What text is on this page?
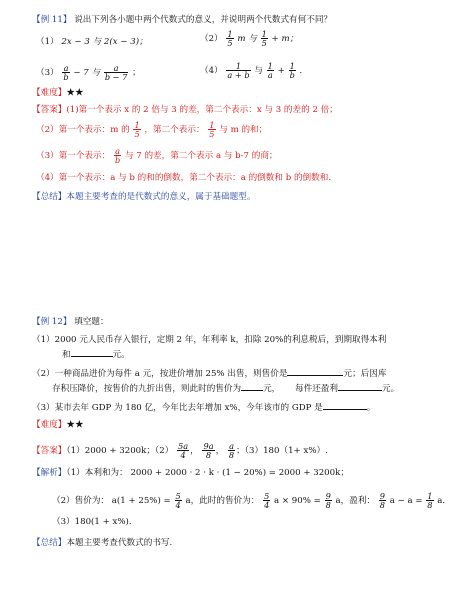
【例 11】 说出下列各小题中两个代数式的意义，并说明两个代数式有何不同？
（1） 2x − 3 与 2(x − 3)；	$(2) \frac{1}{5}$ m 与 $\frac{1}{5} + m$；
$(3) \frac{a}{b} - 7$ 与 $\frac{a}{b - 7}$ ；	$(4) \frac{1}{a + b}$ 与 $\frac{1}{a} + \frac{1}{b}$ ．
【难度】★★
【答案】(1)第一个表示 x 的 2 倍与 3 的差，第二个表示：x 与 3 的差的 2 倍；
（2）第一个表示：m 的 $\frac{1}{5}$ ，第二个表示： $\frac{1}{5}$ 与 m 的和；
（3）第一个表示： $\frac{a}{b}$ 与 7 的差，第二个表示 a 与 b-7 的商；
（4）第一个表示：a 与 b 的和的倒数，第二个表示：a 的倒数和 b 的倒数和.
【总结】本题主要考查的是代数式的意义，属于基础题型。
【例 12】 填空题：
（1）2000 元人民币存入银行，定期 2 年，年利率 k，扣除 20%的利息税后，到期取得本利
和	元。
（2）一种商品进价为每件 a 元，按进价增加 25% 出售，则售价是	元；后因库
存积压降价，按售价的九折出售，则此时的售价为	元， 每件还盈利	元。
（3）某市去年 GDP 为 180 亿，今年比去年增加 x%，今年该市的 GDP 是	。
【难度】★★
【答案】（1）2000 + 3200k；$(2) \frac{5a}{4}$ ， $\frac{9a}{8}$ ， $\frac{a}{8}$ ；（3）180（1+ x%）.
【解析】（1）本利和为： 2000 + 2000 · 2 · k · (1 − 20%) = 2000 + 3200k；
（2）售价为： $a(1 + 25\%) = \frac{5}{4}$ a，此时的售价为： $\frac{5}{4}$ $a \times 90\% = \frac{9}{8}$ a，盈利： $\frac{9}{8}$ $a - a = \frac{1}{8}$ a．
（3）180(1 + x%)．
【总结】本题主要考查代数式的书写.
